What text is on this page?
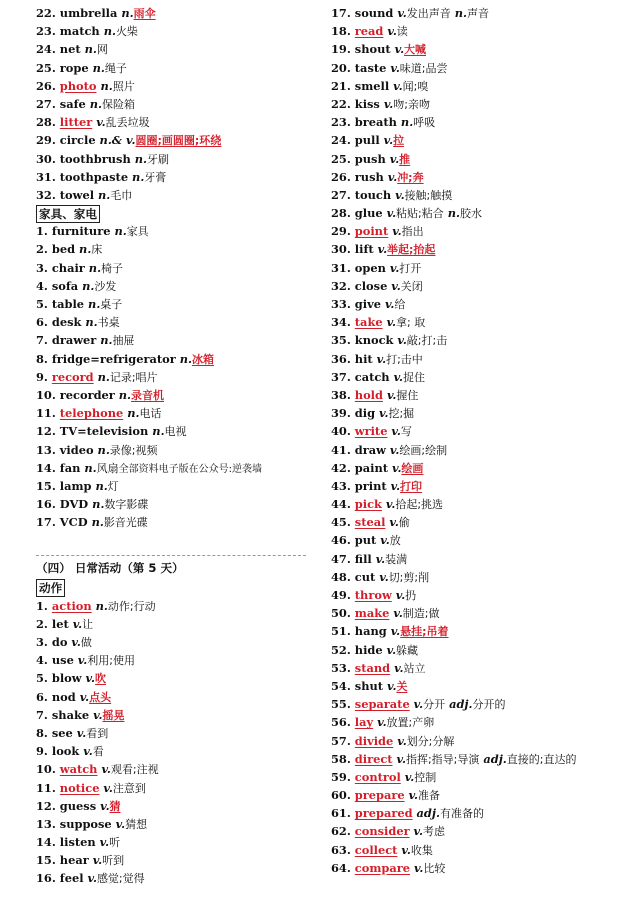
22. umbrella n.雨伞
23. match n.火柴
24. net n.网
25. rope n.绳子
26. photo n.照片
27. safe n.保险箱
28. litter v.乱丢垃圾
29. circle n.& v.圆圈;画圆圈;环绕
30. toothbrush n.牙刷
31. toothpaste n.牙膏
32. towel n.毛巾
家具、家电
1. furniture n.家具
2. bed n.床
3. chair n.椅子
4. sofa n.沙发
5. table n.桌子
6. desk n.书桌
7. drawer n.抽屉
8. fridge=refrigerator n.冰箱
9. record n.记录;唱片
10. recorder n.录音机
11. telephone n.电话
12. TV=television n.电视
13. video n.录像;视频
14. fan n.风扇全部资料电子版在公众号:逆袭墙
15. lamp n.灯
16. DVD n.数字影碟
17. VCD n.影音光碟
（四） 日常活动（第 5 天）
动作
1. action n.动作;行动
2. let v.让
3. do v.做
4. use v.利用;使用
5. blow v.吹
6. nod v.点头
7. shake v.摇晃
8. see v.看到
9. look v.看
10. watch v.观看;注视
11. notice v.注意到
12. guess v.猜
13. suppose v.猜想
14. listen v.听
15. hear v.听到
16. feel v.感觉;觉得
17. sound v.发出声音 n.声音
18. read v.读
19. shout v.大喊
20. taste v.味道;品尝
21. smell v.闻;嗅
22. kiss v.吻;亲吻
23. breath n.呼吸
24. pull v.拉
25. push v.推
26. rush v.冲;奔
27. touch v.接触;触摸
28. glue v.粘贴;粘合 n.胶水
29. point v.指出
30. lift v.举起;抬起
31. open v.打开
32. close v.关闭
33. give v.给
34. take v.拿; 取
35. knock v.敲;打;击
36. hit v.打;击中
37. catch v.捉住
38. hold v.握住
39. dig v.挖;掘
40. write v.写
41. draw v.绘画;绘制
42. paint v.绘画
43. print v.打印
44. pick v.拾起;挑选
45. steal v.偷
46. put v.放
47. fill v.装满
48. cut v.切;剪;削
49. throw v.扔
50. make v.制造;做
51. hang v.悬挂;吊着
52. hide v.躲藏
53. stand v.站立
54. shut v.关
55. separate v.分开 adj.分开的
56. lay v.放置;产卵
57. divide v.划分;分解
58. direct v.指挥;指导;导演 adj.直接的;直达的
59. control v.控制
60. prepare v.准备
61. prepared adj.有准备的
62. consider v.考虑
63. collect v.收集
64. compare v.比较
